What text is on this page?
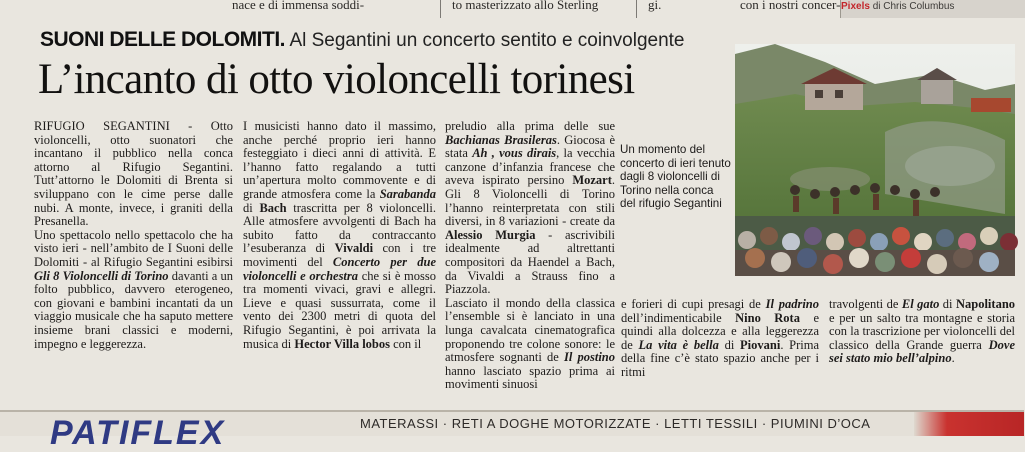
nace e di immensa soddi-	to masterizzato allo Sterling	gi.	con i nostri concer- Pixels di Chris Columbus
SUONI DELLE DOLOMITI. Al Segantini un concerto sentito e coinvolgente
L’incanto di otto violoncelli torinesi

RIFUGIO SEGANTINI - Otto violoncelli, otto suonatori che incantano il pubblico nella conca attorno al Rifugio Segantini. Tutt’attorno le Dolomiti di Brenta si sviluppano con le cime perse dalle nubi. A monte, invece, i graniti della Presanella.

Uno spettacolo nello spettacolo che ha visto ieri - nell’ambito de I Suoni delle Dolomiti - al Rifugio Segantini esibirsi Gli 8 Violoncelli di Torino davanti a un folto pubblico, davvero eterogeneo, con giovani e bambini incantati da un viaggio musicale che ha saputo mettere insieme brani classici e moderni, impegno e leggerezza.

I musicisti hanno dato il massimo, anche perché proprio ieri hanno festeggiato i dieci anni di attività. E l’hanno fatto regalando a tutti un’apertura molto commovente e di grande atmosfera come la Sarabanda di Bach trascritta per 8 violoncelli. Alle atmosfere avvolgenti di Bach ha subito fatto da contraccanto l’esuberanza di Vivaldi con i tre movimenti del Concerto per due violoncelli e orchestra che si è mosso tra momenti vivaci, gravi e allegri. Lieve e quasi sussurrata, come il vento dei 2300 metri di quota del Rifugio Segantini, è poi arrivata la musica di Hector Villa lobos con il

preludio alla prima delle sue Bachianas Brasileras. Giocosa è stata Ah , vous dirais, la vecchia canzone d’infanzia francese che aveva ispirato persino Mozart. Gli 8 Violoncelli di Torino l’hanno reinterpretata con stili diversi, in 8 variazioni - create da Alessio Murgia - ascrivibili idealmente ad altrettanti compositori da Haendel a Bach, da Vivaldi a Strauss fino a Piazzola.

Lasciato il mondo della classica l’ensemble si è lanciato in una lunga cavalcata cinematografica proponendo tre colone sonore: le atmosfere sognanti de Il postino hanno lasciato spazio prima ai movimenti sinuosi

Un momento del concerto di ieri tenuto dagli 8 violoncelli di Torino nella conca del rifugio Segantini

e forieri di cupi presagi de Il padrino dell’indimenticabile Nino Rota e quindi alla dolcezza e alla leggerezza de La vita è bella di Piovani. Prima della fine c’è stato spazio anche per i ritmi

travolgenti de El gato di Napolitano e per un salto tra montagne e storia con la trascrizione per violoncelli del classico della Grande guerra Dove sei stato mio bell’alpino.

PATIFLEX	MATERASSI · RETI A DOGHE MOTORIZZATE · LETTI TESSILI · PIUMINI D’OCA
